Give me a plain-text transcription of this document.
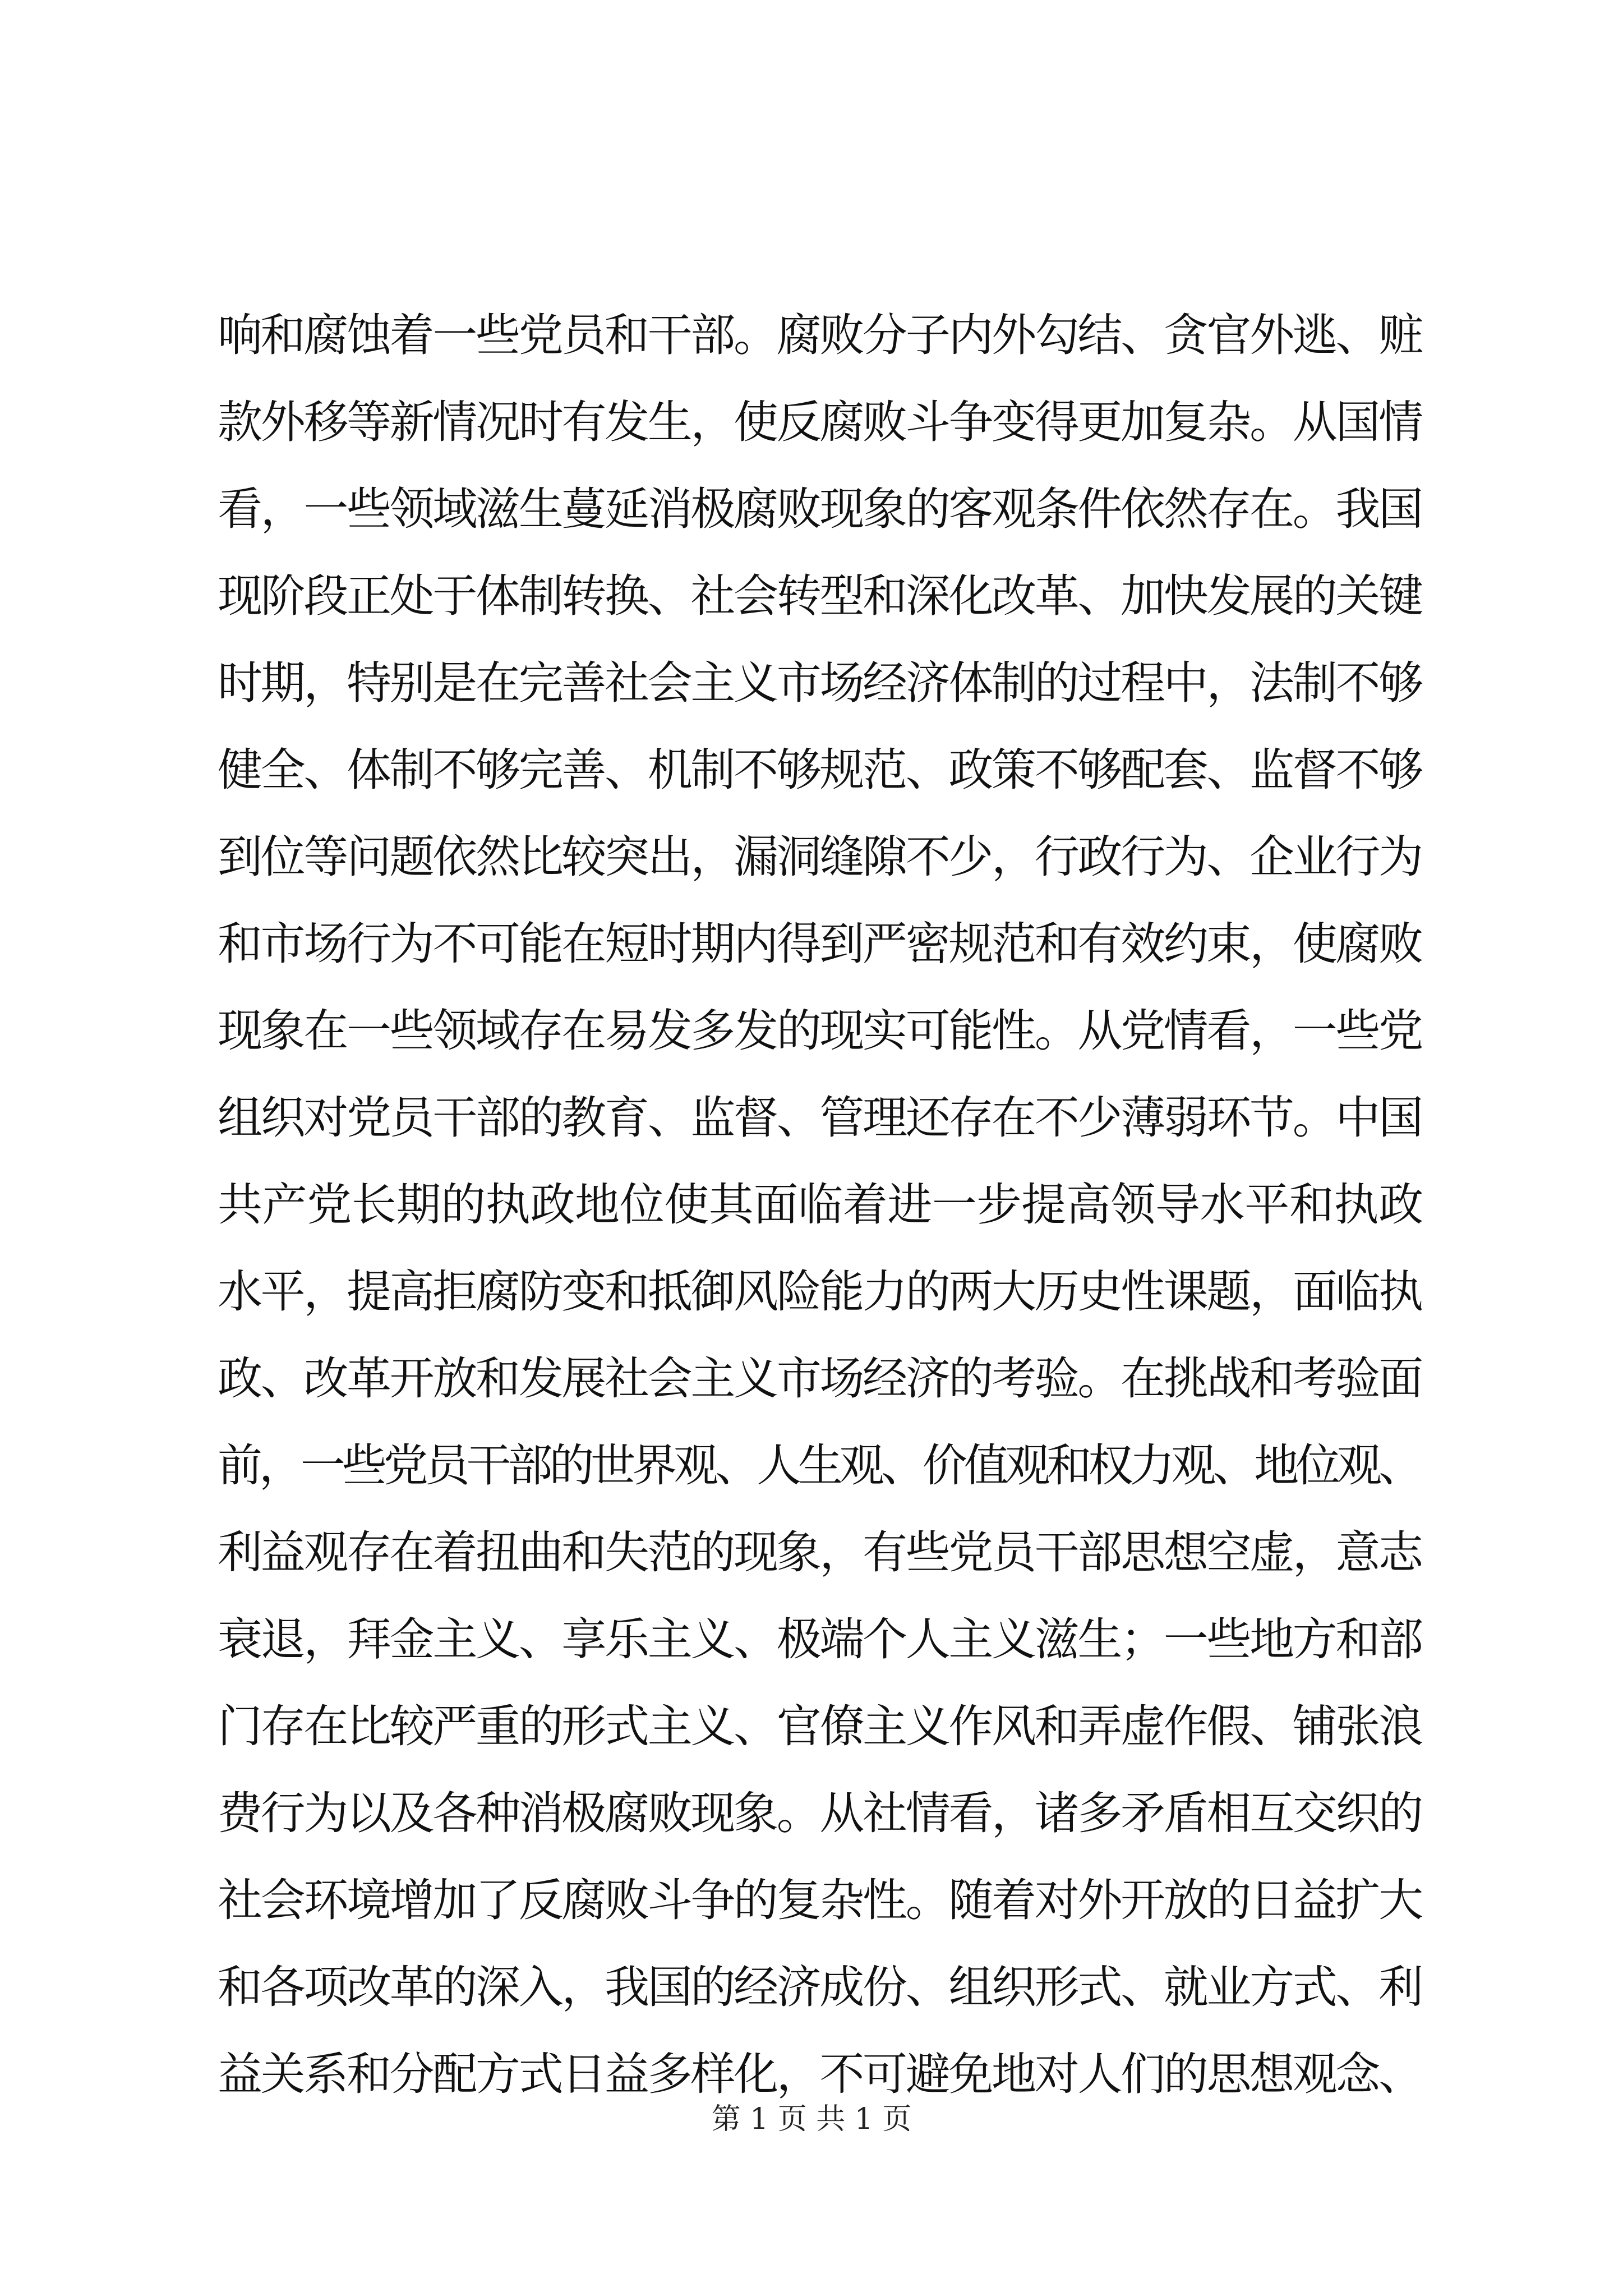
响和腐蚀着一些党员和干部。腐败分子内外勾结、贪官外逃、赃
款外移等新情况时有发生，使反腐败斗争变得更加复杂。从国情
看，一些领域滋生蔓延消极腐败现象的客观条件依然存在。我国
现阶段正处于体制转换、社会转型和深化改革、加快发展的关键
时期，特别是在完善社会主义市场经济体制的过程中，法制不够
健全、体制不够完善、机制不够规范、政策不够配套、监督不够
到位等问题依然比较突出，漏洞缝隙不少，行政行为、企业行为
和市场行为不可能在短时期内得到严密规范和有效约束，使腐败
现象在一些领域存在易发多发的现实可能性。从党情看，一些党
组织对党员干部的教育、监督、管理还存在不少薄弱环节。中国
共产党长期的执政地位使其面临着进一步提高领导水平和执政
水平，提高拒腐防变和抵御风险能力的两大历史性课题，面临执
政、改革开放和发展社会主义市场经济的考验。在挑战和考验面
前，一些党员干部的世界观、人生观、价值观和权力观、地位观、
利益观存在着扭曲和失范的现象，有些党员干部思想空虚，意志
衰退，拜金主义、享乐主义、极端个人主义滋生；一些地方和部
门存在比较严重的形式主义、官僚主义作风和弄虚作假、铺张浪
费行为以及各种消极腐败现象。从社情看，诸多矛盾相互交织的
社会环境增加了反腐败斗争的复杂性。随着对外开放的日益扩大
和各项改革的深入，我国的经济成份、组织形式、就业方式、利
益关系和分配方式日益多样化，不可避免地对人们的思想观念、
第 1 页 共 1 页
